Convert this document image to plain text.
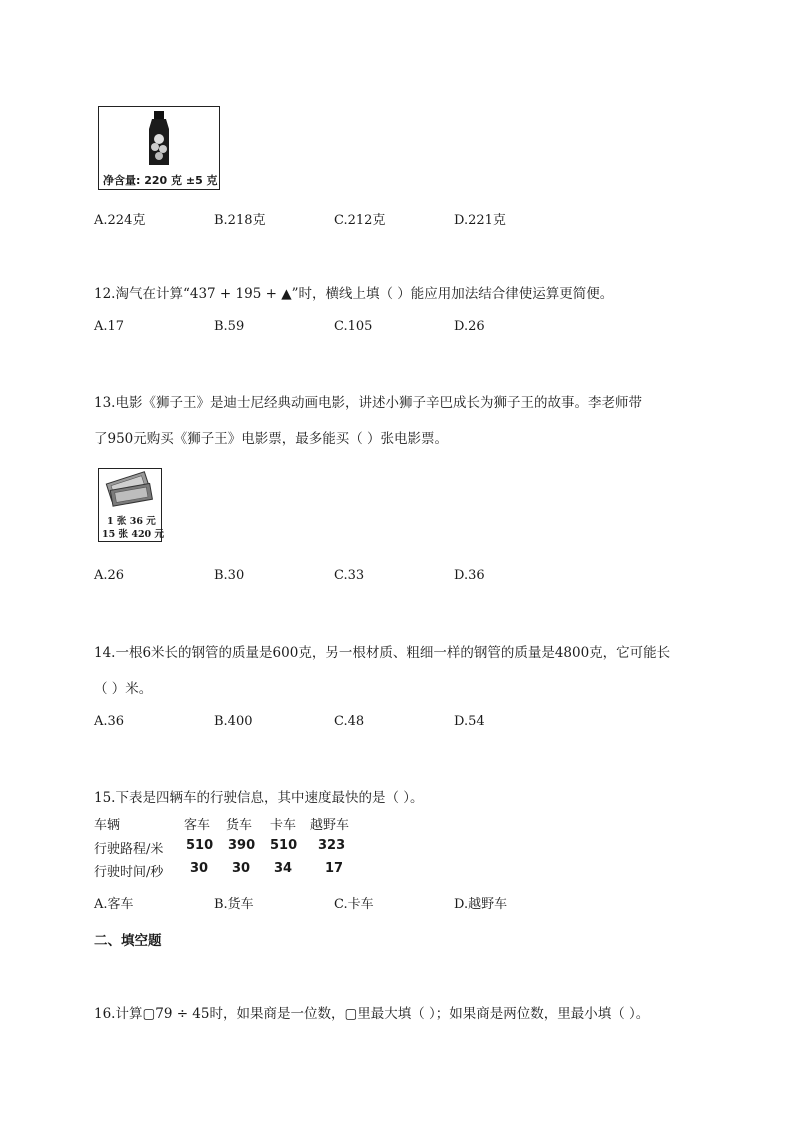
净含量: 220 克 ±5 克
A.224克	B.218克	C.212克	D.221克
12.淘气在计算“437 + 195 + ▲”时，横线上填（ ）能应用加法结合律使运算更简便。
A.17	B.59	C.105	D.26
13.电影《狮子王》是迪士尼经典动画电影，讲述小狮子辛巴成长为狮子王的故事。李老师带
了950元购买《狮子王》电影票，最多能买（ ）张电影票。
1 张 36 元
15 张 420 元
A.26	B.30	C.33	D.36
14.一根6米长的钢管的质量是600克，另一根材质、粗细一样的钢管的质量是4800克，它可能长
（ ）米。
A.36	B.400	C.48	D.54
15.下表是四辆车的行驶信息，其中速度最快的是（ ）。
车辆	客车 货车 卡车 越野车
行驶路程/米 510 390 510 323
行驶时间/秒 30 30 34	17
A.客车	B.货车	C.卡车	D.越野车
二、填空题
16.计算▢79 ÷ 45时，如果商是一位数，▢里最大填（ ）；如果商是两位数，里最小填（ ）。
